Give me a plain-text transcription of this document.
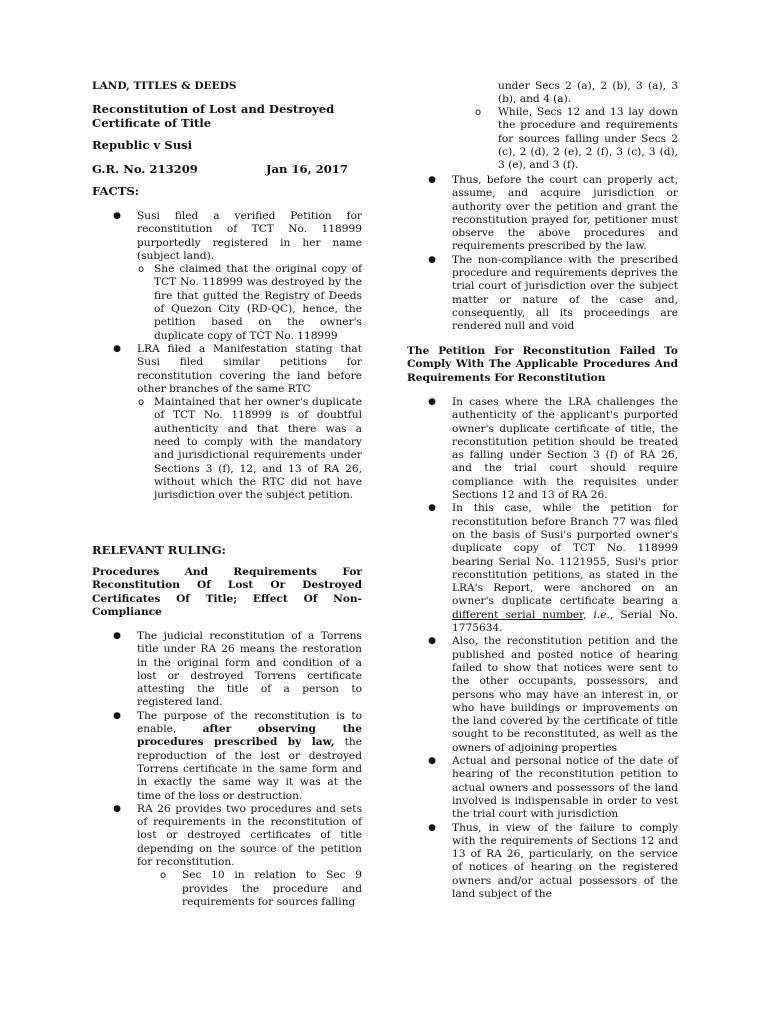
LAND, TITLES & DEEDS

Reconstitution of Lost and Destroyed
Certificate of Title

Republic v Susi

G.R. No. 213209	Jan 16, 2017

FACTS:

● Susi filed a verified Petition for reconstitution of TCT No. 118999 purportedly registered in her name (subject land).
o She claimed that the original copy of TCT No. 118999 was destroyed by the fire that gutted the Registry of Deeds of Quezon City (RD-QC), hence, the petition based on the owner's duplicate copy of TCT No. 118999
● LRA filed a Manifestation stating that Susi filed similar petitions for reconstitution covering the land before other branches of the same RTC
o Maintained that her owner's duplicate of TCT No. 118999 is of doubtful authenticity and that there was a need to comply with the mandatory and jurisdictional requirements under Sections 3 (f), 12, and 13 of RA 26, without which the RTC did not have jurisdiction over the subject petition.

RELEVANT RULING:

Procedures And Requirements For Reconstitution Of Lost Or Destroyed Certificates Of Title; Effect Of Non-Compliance

● The judicial reconstitution of a Torrens title under RA 26 means the restoration in the original form and condition of a lost or destroyed Torrens certificate attesting the title of a person to registered land.
● The purpose of the reconstitution is to enable, after observing the procedures prescribed by law, the reproduction of the lost or destroyed Torrens certificate in the same form and in exactly the same way it was at the time of the loss or destruction.
● RA 26 provides two procedures and sets of requirements in the reconstitution of lost or destroyed certificates of title depending on the source of the petition for reconstitution.
o Sec 10 in relation to Sec 9 provides the procedure and requirements for sources falling
under Secs 2 (a), 2 (b), 3 (a), 3 (b), and 4 (a).
o While, Secs 12 and 13 lay down the procedure and requirements for sources falling under Secs 2 (c), 2 (d), 2 (e), 2 (f), 3 (c), 3 (d), 3 (e), and 3 (f).
● Thus, before the court can properly act, assume, and acquire jurisdiction or authority over the petition and grant the reconstitution prayed for, petitioner must observe the above procedures and requirements prescribed by the law.
● The non-compliance with the prescribed procedure and requirements deprives the trial court of jurisdiction over the subject matter or nature of the case and, consequently, all its proceedings are rendered null and void

The Petition For Reconstitution Failed To Comply With The Applicable Procedures And Requirements For Reconstitution

● In cases where the LRA challenges the authenticity of the applicant's purported owner's duplicate certificate of title, the reconstitution petition should be treated as falling under Section 3 (f) of RA 26, and the trial court should require compliance with the requisites under Sections 12 and 13 of RA 26.
● In this case, while the petition for reconstitution before Branch 77 was filed on the basis of Susi's purported owner's duplicate copy of TCT No. 118999 bearing Serial No. 1121955, Susi's prior reconstitution petitions, as stated in the LRA's Report, were anchored on an owner's duplicate certificate bearing a different serial number, i.e., Serial No. 1775634.
● Also, the reconstitution petition and the published and posted notice of hearing failed to show that notices were sent to the other occupants, possessors, and persons who may have an interest in, or who have buildings or improvements on the land covered by the certificate of title sought to be reconstituted, as well as the owners of adjoining properties
● Actual and personal notice of the date of hearing of the reconstitution petition to actual owners and possessors of the land involved is indispensable in order to vest the trial court with jurisdiction
● Thus, in view of the failure to comply with the requirements of Sections 12 and 13 of RA 26, particularly, on the service of notices of hearing on the registered owners and/or actual possessors of the land subject of the
